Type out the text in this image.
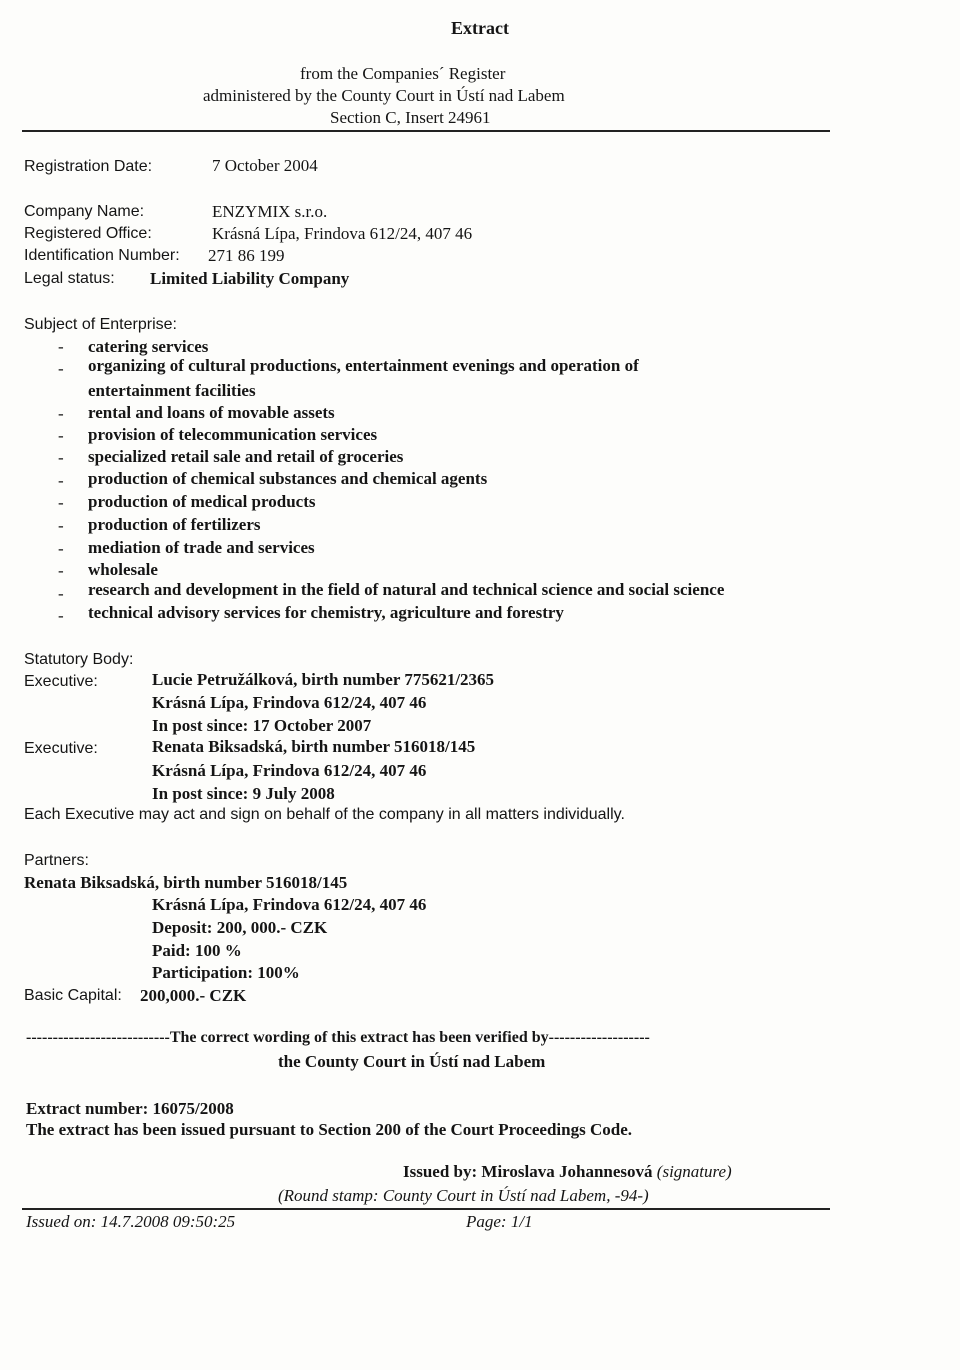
Extract
from the Companies´ Register
administered by the County Court in Ústí nad Labem
Section C, Insert 24961
Registration Date:	7 October 2004
Company Name:	ENZYMIX s.r.o.
Registered Office:	Krásná Lípa, Frindova 612/24, 407 46
Identification Number: 271 86 199
Legal status: Limited Liability Company
Subject of Enterprise:
- catering services
- organizing of cultural productions, entertainment evenings and operation of
entertainment facilities
- rental and loans of movable assets
- provision of telecommunication services
- specialized retail sale and retail of groceries
- production of chemical substances and chemical agents
- production of medical products
- production of fertilizers
- mediation of trade and services
- wholesale
- research and development in the field of natural and technical science and social science
- technical advisory services for chemistry, agriculture and forestry
Statutory Body:
Executive:	Lucie Petružálková, birth number 775621/2365
Krásná Lípa, Frindova 612/24, 407 46
In post since: 17 October 2007
Executive:	Renata Biksadská, birth number 516018/145
Krásná Lípa, Frindova 612/24, 407 46
In post since: 9 July 2008
Each Executive may act and sign on behalf of the company in all matters individually.
Partners:
Renata Biksadská, birth number 516018/145
Krásná Lípa, Frindova 612/24, 407 46
Deposit: 200, 000.- CZK
Paid: 100 %
Participation: 100%
Basic Capital: 200,000.- CZK
---------------------------The correct wording of this extract has been verified by-------------------
the County Court in Ústí nad Labem
Extract number: 16075/2008
The extract has been issued pursuant to Section 200 of the Court Proceedings Code.
Issued by: Miroslava Johannesová (signature)
(Round stamp: County Court in Ústí nad Labem, -94-)
Issued on: 14.7.2008 09:50:25	Page: 1/1
